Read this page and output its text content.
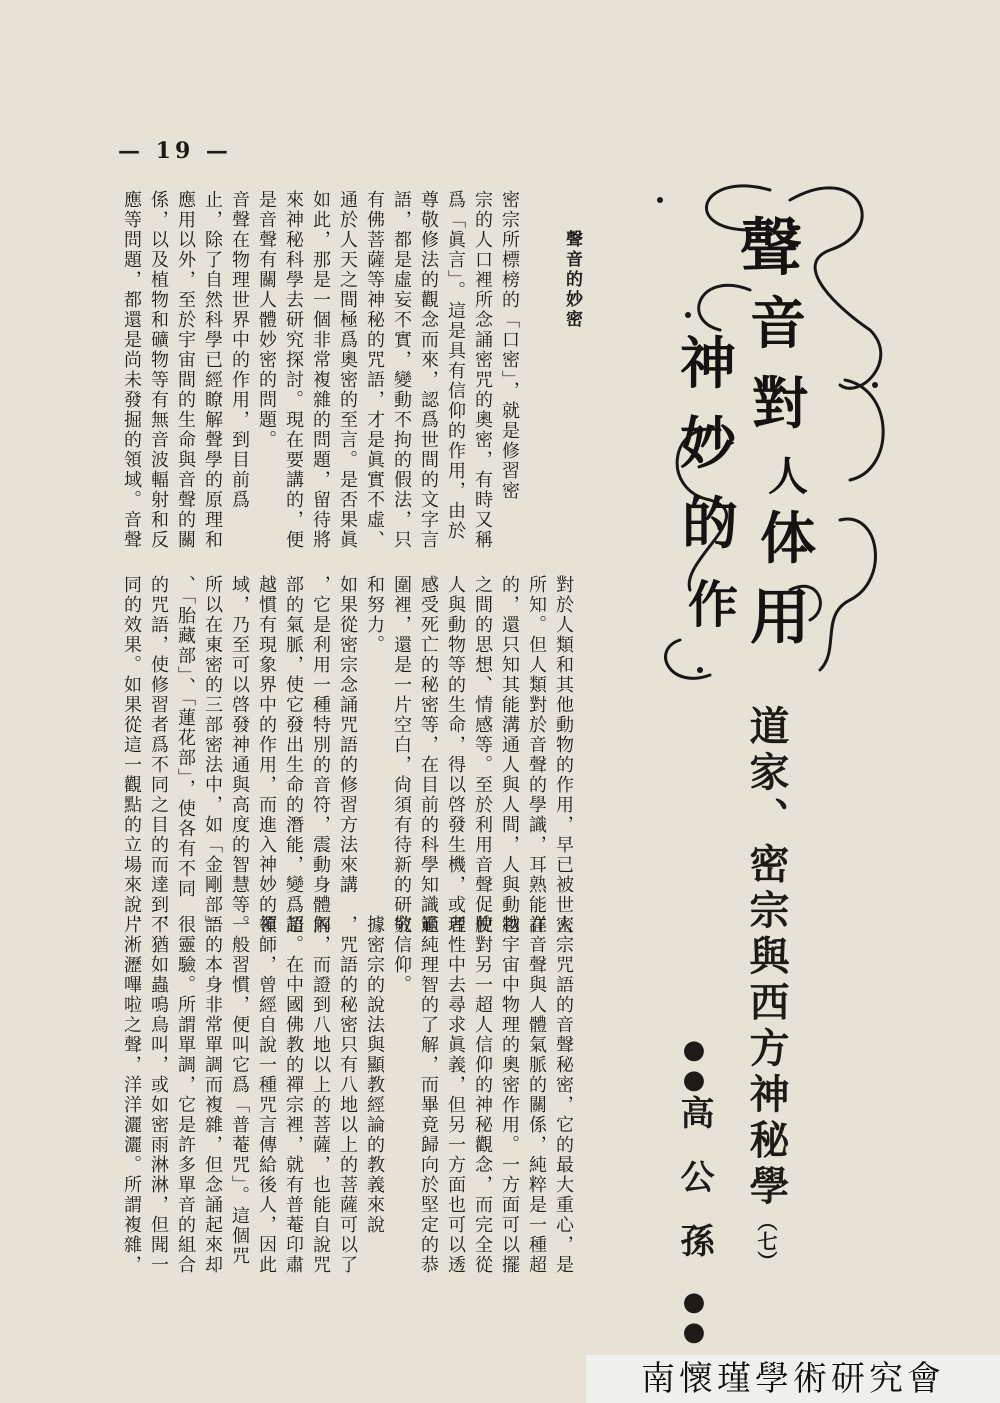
— 19 —
聲
音
對
人
体
神
妙
的
作 用
道家、密宗與西方神秘學（七）
●●高公孫●●
聲音的妙密

密宗所標榜的「口密」，就是修習密

宗的人口裡所念誦密咒的奧密，有時又稱

爲「眞言」。這是具有信仰的作用，由於

尊敬修法的觀念而來，認爲世間的文字言

語，都是虛妄不實，變動不拘的假法，只

有佛菩薩等神秘的咒語，才是眞實不虛、

通於人天之間極爲奧密的至言。是否果眞

如此，那是一個非常複雜的問題，留待將

來神秘科學去研究探討。現在要講的，便

是音聲有關人體妙密的問題。

音聲在物理世界中的作用，到目前爲

止，除了自然科學已經瞭解聲學的原理和

應用以外，至於宇宙間的生命與音聲的關

係，以及植物和礦物等有無音波輻射和反

應等問題，都還是尚未發掘的領域。音聲

對於人類和其他動物的作用，早已被世人

所知。但人類對於音聲的學識，耳熟能詳

的，還只知其能溝通人與人間，人與動物

之間的思想、情感等。至於利用音聲促使

人與動物等的生命，得以啓發生機，或者

感受死亡的秘密等，在目前的科學知識範

圍裡，還是一片空白，尙須有待新的研究

和努力。

如果從密宗念誦咒語的修習方法來講

，它是利用一種特別的音符，震動身體內

部的氣脈，使它發出生命的潛能，變爲超

越慣有現象界中的作用，而進入神妙的領

域，乃至可以啓發神通與高度的智慧等。

所以在東密的三部密法中，如「金剛部」

、「胎藏部」、「蓮花部」，使各有不同

的咒語，使修習者爲不同之目的而達到不

同的效果。如果從這一觀點的立場來說，

密宗咒語的音聲秘密，它的最大重心，是

在音聲與人體氣脈的關係，純粹是一種超

越宇宙中物理的奧密作用。一方面可以擺

脫對另一超人信仰的神秘觀念，而完全從

理性中去尋求眞義，但另一方面也可以透

過純理智的了解，而畢竟歸向於堅定的恭

敬信仰。

據密宗的說法與顯教經論的教義來說

，咒語的秘密只有八地以上的菩薩可以了

解，而證到八地以上的菩薩，也能自說咒

語。在中國佛教的禪宗裡，就有普菴印肅

禪師，曾經自說一種咒言傳給後人，因此

一般習慣，便叫它爲「普菴咒」。這個咒

語的本身非常單調而複雜，但念誦起來却

很靈驗。所謂單調，它是許多單音的組合

，猶如蟲鳴鳥叫，或如密雨淋淋，但聞一

片淅瀝嗶啦之聲，洋洋灑灑。所謂複雜，

南懷瑾學術研究會
